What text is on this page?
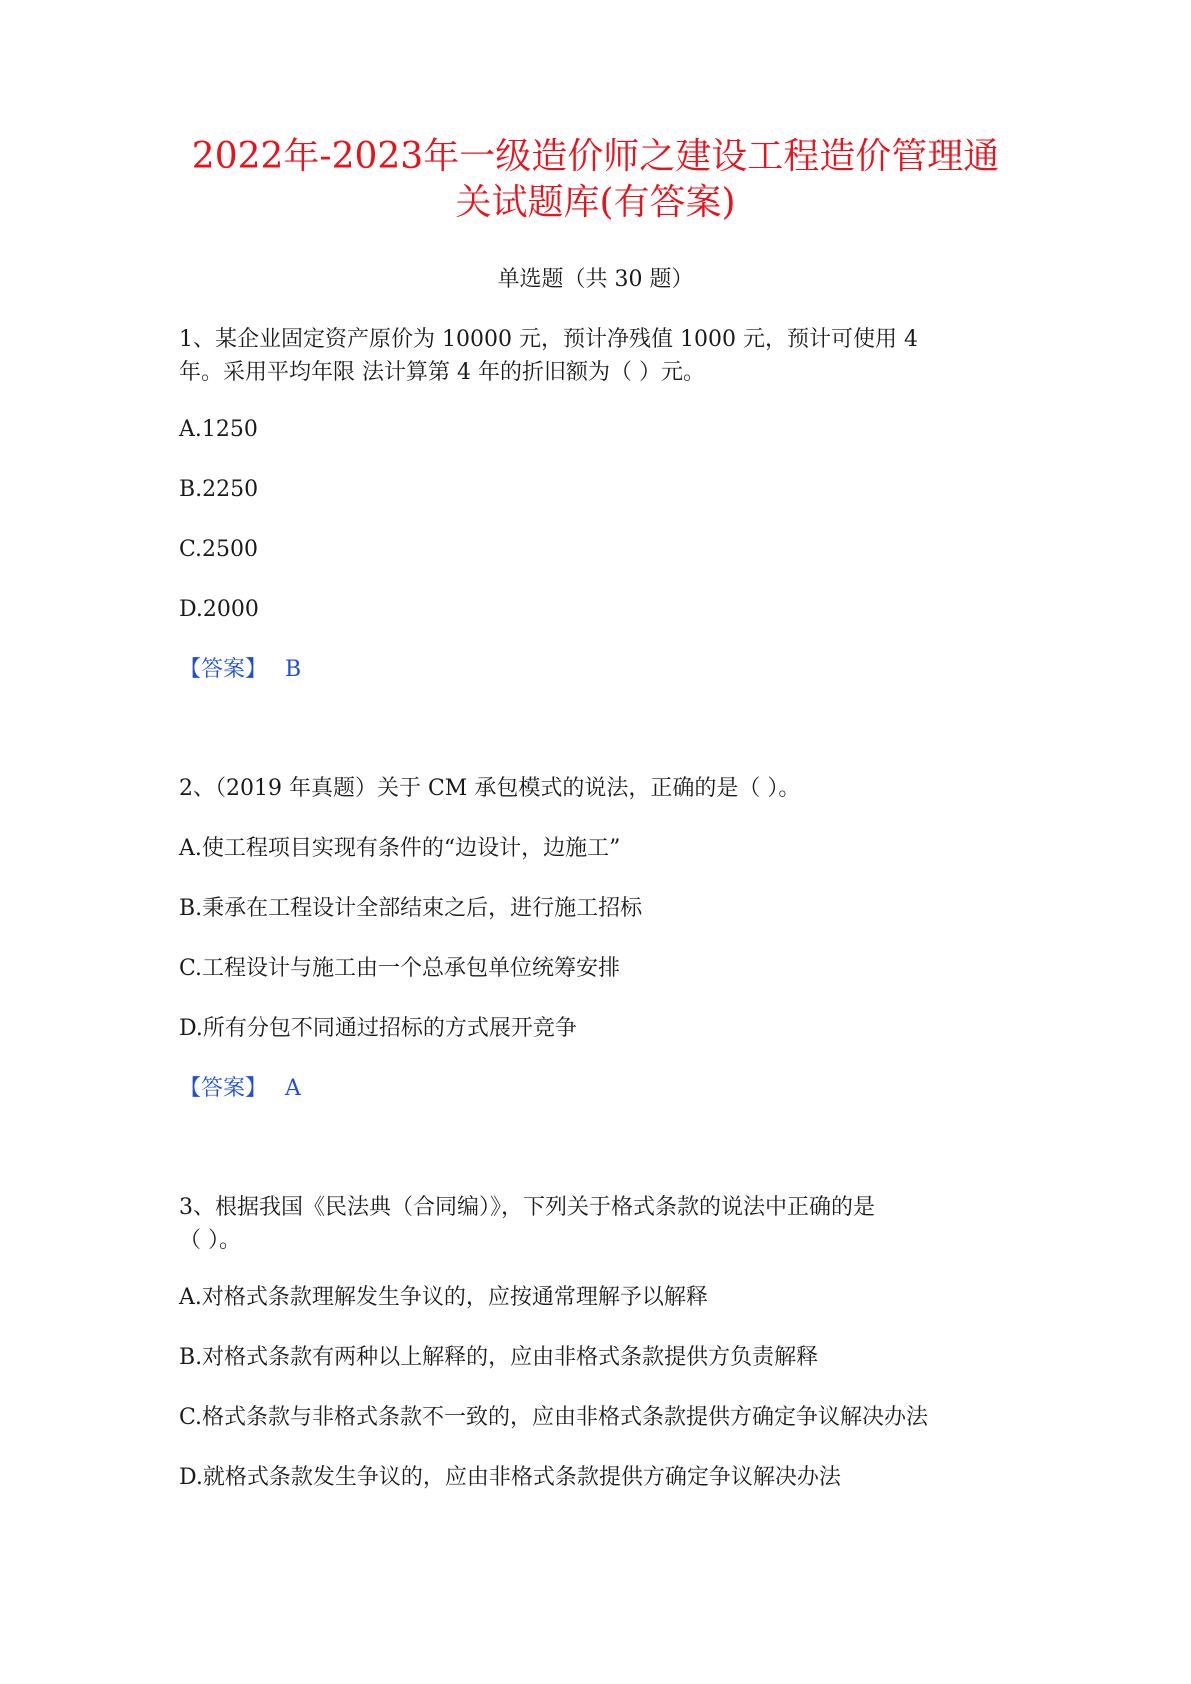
2022年-2023年一级造价师之建设工程造价管理通
关试题库(有答案)
单选题（共 30 题）
1、某企业固定资产原价为 10000 元，预计净残值 1000 元，预计可使用 4
年。采用平均年限 法计算第 4 年的折旧额为（ ）元。
A.1250
B.2250
C.2500
D.2000
【答案】 B
2、（2019 年真题）关于 CM 承包模式的说法，正确的是（ ）。
A.使工程项目实现有条件的“边设计，边施工”
B.秉承在工程设计全部结束之后，进行施工招标
C.工程设计与施工由一个总承包单位统筹安排
D.所有分包不同通过招标的方式展开竞争
【答案】 A
3、根据我国《民法典（合同编）》，下列关于格式条款的说法中正确的是
（ ）。
A.对格式条款理解发生争议的，应按通常理解予以解释
B.对格式条款有两种以上解释的，应由非格式条款提供方负责解释
C.格式条款与非格式条款不一致的，应由非格式条款提供方确定争议解决办法
D.就格式条款发生争议的，应由非格式条款提供方确定争议解决办法
